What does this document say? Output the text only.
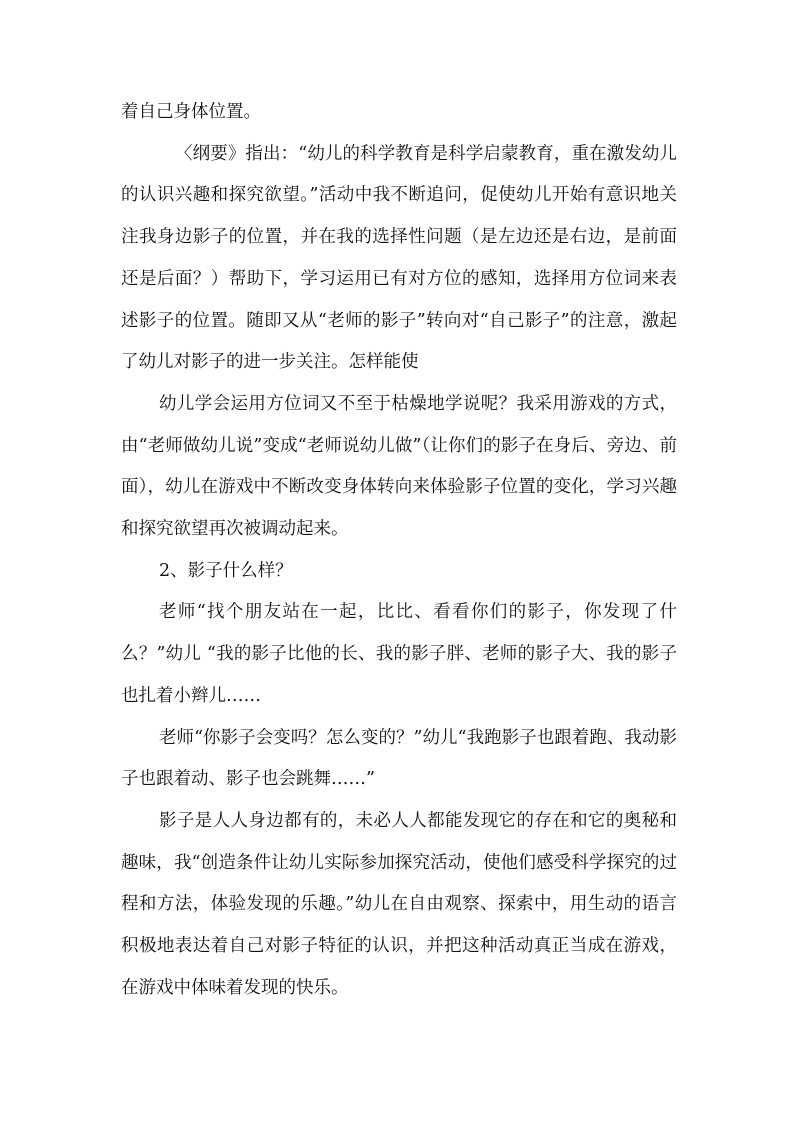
着自己身体位置。

〈纲要》指出：“幼儿的科学教育是科学启蒙教育，重在激发幼儿的认识兴趣和探究欲望。”活动中我不断追问，促使幼儿开始有意识地关注我身边影子的位置，并在我的选择性问题（是左边还是右边，是前面还是后面？）帮助下，学习运用已有对方位的感知，选择用方位词来表述影子的位置。随即又从“老师的影子”转向对“自己影子”的注意，激起了幼儿对影子的进一步关注。怎样能使

幼儿学会运用方位词又不至于枯燥地学说呢？我采用游戏的方式，由“老师做幼儿说”变成“老师说幼儿做”（让你们的影子在身后、旁边、前面），幼儿在游戏中不断改变身体转向来体验影子位置的变化，学习兴趣和探究欲望再次被调动起来。

2、影子什么样？

老师“找个朋友站在一起，比比、看看你们的影子，你发现了什么？”幼儿 “我的影子比他的长、我的影子胖、老师的影子大、我的影子也扎着小辫儿……

老师“你影子会变吗？怎么变的？”幼儿“我跑影子也跟着跑、我动影子也跟着动、影子也会跳舞……”

影子是人人身边都有的，未必人人都能发现它的存在和它的奥秘和趣味，我“创造条件让幼儿实际参加探究活动，使他们感受科学探究的过程和方法，体验发现的乐趣。”幼儿在自由观察、探索中，用生动的语言积极地表达着自己对影子特征的认识，并把这种活动真正当成在游戏，在游戏中体味着发现的快乐。
